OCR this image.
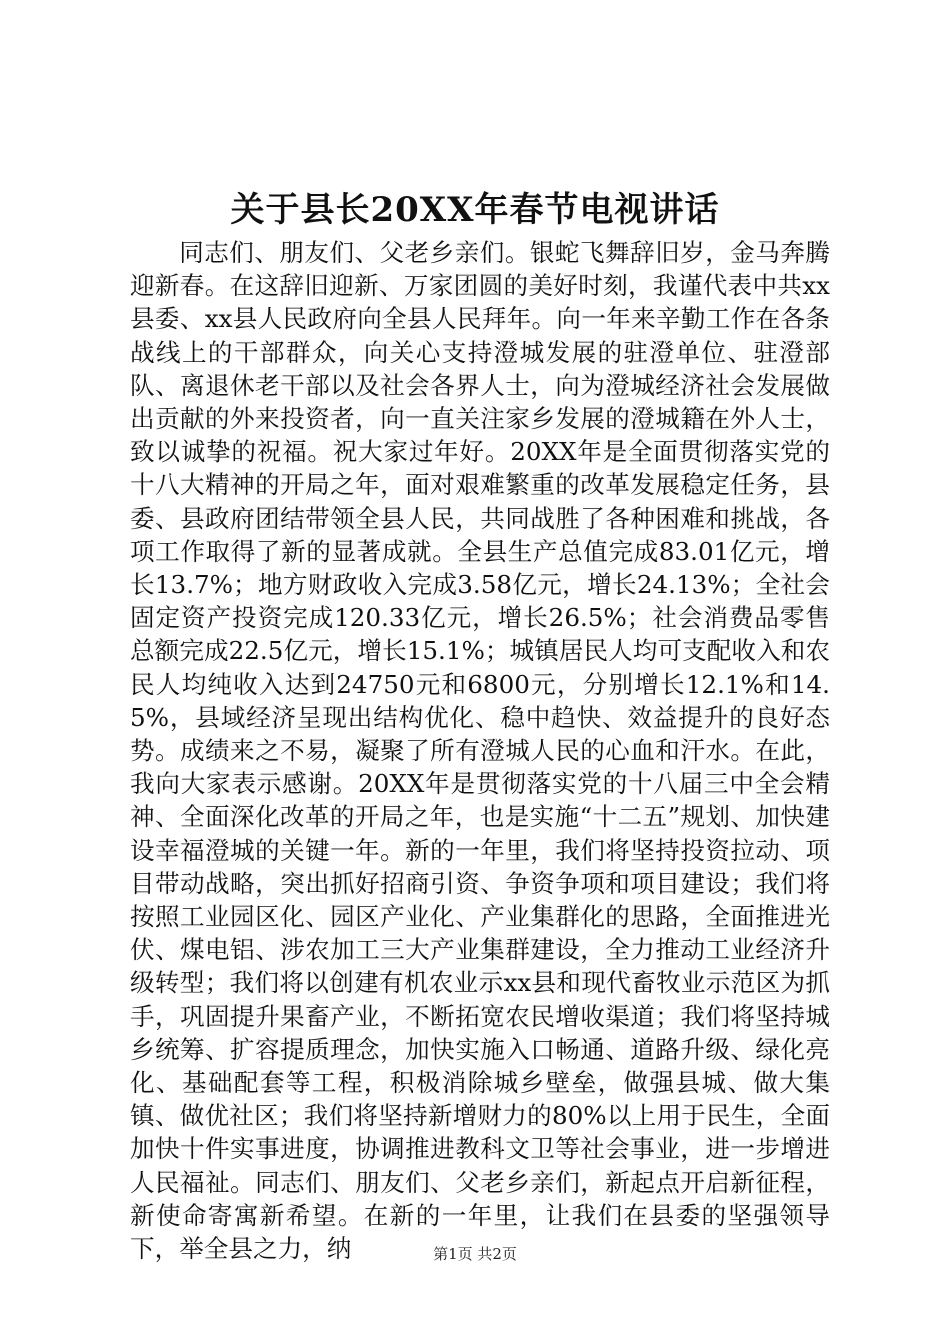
关于县长20XX年春节电视讲话

同志们、朋友们、父老乡亲们。银蛇飞舞辞旧岁，金马奔腾迎新春。在这辞旧迎新、万家团圆的美好时刻，我谨代表中共xx县委、xx县人民政府向全县人民拜年。向一年来辛勤工作在各条战线上的干部群众，向关心支持澄城发展的驻澄单位、驻澄部队、离退休老干部以及社会各界人士，向为澄城经济社会发展做出贡献的外来投资者，向一直关注家乡发展的澄城籍在外人士，致以诚挚的祝福。祝大家过年好。20XX年是全面贯彻落实党的十八大精神的开局之年，面对艰难繁重的改革发展稳定任务，县委、县政府团结带领全县人民，共同战胜了各种困难和挑战，各项工作取得了新的显著成就。全县生产总值完成83.01亿元，增长13.7%；地方财政收入完成3.58亿元，增长24.13%；全社会固定资产投资完成120.33亿元，增长26.5%；社会消费品零售总额完成22.5亿元，增长15.1%；城镇居民人均可支配收入和农民人均纯收入达到24750元和6800元，分别增长12.1%和14.5%，县域经济呈现出结构优化、稳中趋快、效益提升的良好态势。成绩来之不易，凝聚了所有澄城人民的心血和汗水。在此，我向大家表示感谢。20XX年是贯彻落实党的十八届三中全会精神、全面深化改革的开局之年，也是实施“十二五”规划、加快建设幸福澄城的关键一年。新的一年里，我们将坚持投资拉动、项目带动战略，突出抓好招商引资、争资争项和项目建设；我们将按照工业园区化、园区产业化、产业集群化的思路，全面推进光伏、煤电铝、涉农加工三大产业集群建设，全力推动工业经济升级转型；我们将以创建有机农业示xx县和现代畜牧业示范区为抓手，巩固提升果畜产业，不断拓宽农民增收渠道；我们将坚持城乡统筹、扩容提质理念，加快实施入口畅通、道路升级、绿化亮化、基础配套等工程，积极消除城乡壁垒，做强县城、做大集镇、做优社区；我们将坚持新增财力的80%以上用于民生，全面加快十件实事进度，协调推进教科文卫等社会事业，进一步增进人民福祉。同志们、朋友们、父老乡亲们，新起点开启新征程，新使命寄寓新希望。在新的一年里，让我们在县委的坚强领导下，举全县之力，纳	第1页 共2页
